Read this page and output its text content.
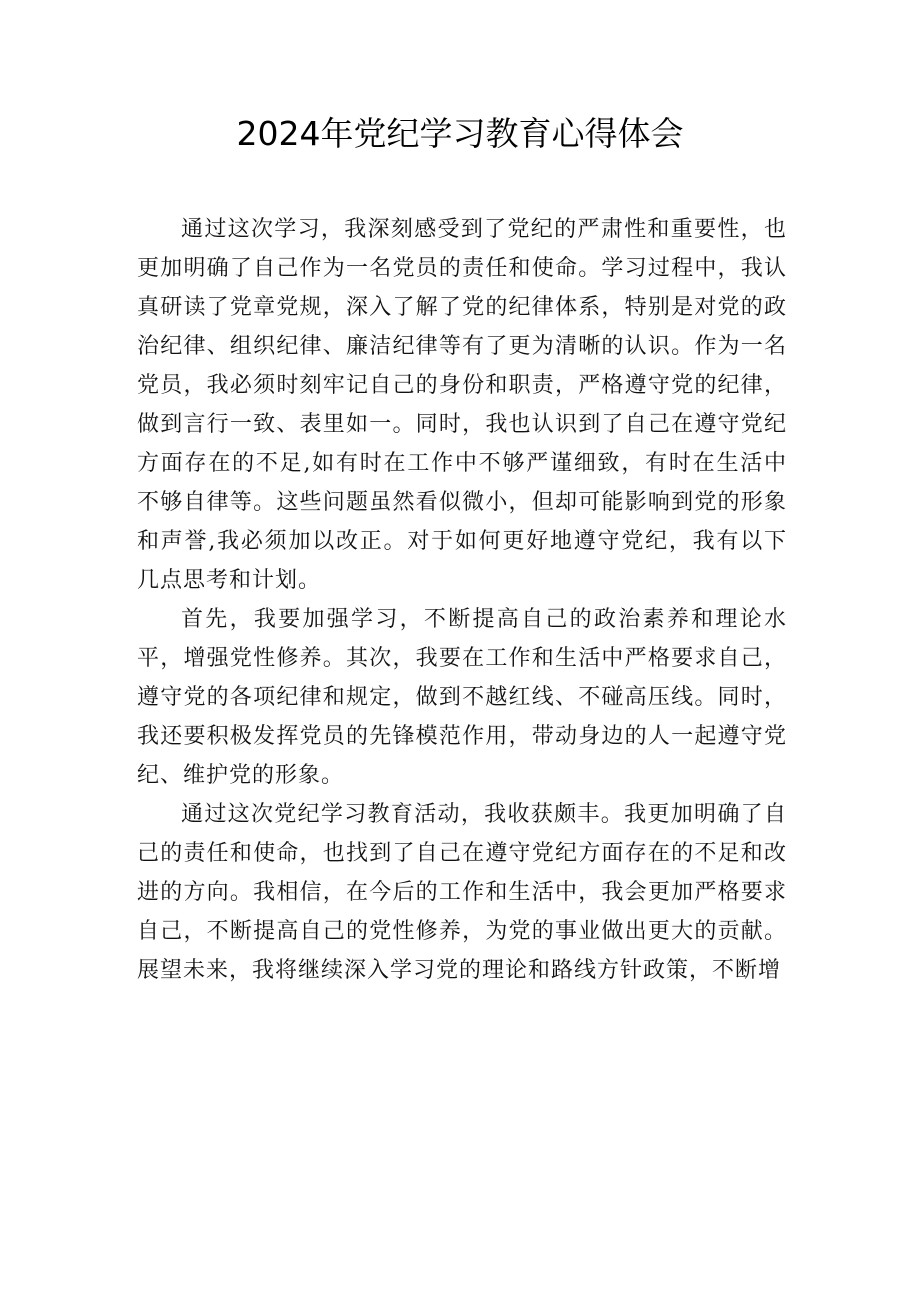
2024年党纪学习教育心得体会

通过这次学习，我深刻感受到了党纪的严肃性和重要性，也更加明确了自己作为一名党员的责任和使命。学习过程中，我认真研读了党章党规，深入了解了党的纪律体系，特别是对党的政治纪律、组织纪律、廉洁纪律等有了更为清晰的认识。作为一名党员，我必须时刻牢记自己的身份和职责，严格遵守党的纪律，做到言行一致、表里如一。同时，我也认识到了自己在遵守党纪方面存在的不足,如有时在工作中不够严谨细致，有时在生活中不够自律等。这些问题虽然看似微小，但却可能影响到党的形象和声誉,我必须加以改正。对于如何更好地遵守党纪，我有以下几点思考和计划。

首先，我要加强学习，不断提高自己的政治素养和理论水平，增强党性修养。其次，我要在工作和生活中严格要求自己，遵守党的各项纪律和规定，做到不越红线、不碰高压线。同时，我还要积极发挥党员的先锋模范作用，带动身边的人一起遵守党纪、维护党的形象。

通过这次党纪学习教育活动，我收获颇丰。我更加明确了自己的责任和使命，也找到了自己在遵守党纪方面存在的不足和改进的方向。我相信，在今后的工作和生活中，我会更加严格要求自己，不断提高自己的党性修养，为党的事业做出更大的贡献。展望未来，我将继续深入学习党的理论和路线方针政策，不断增
